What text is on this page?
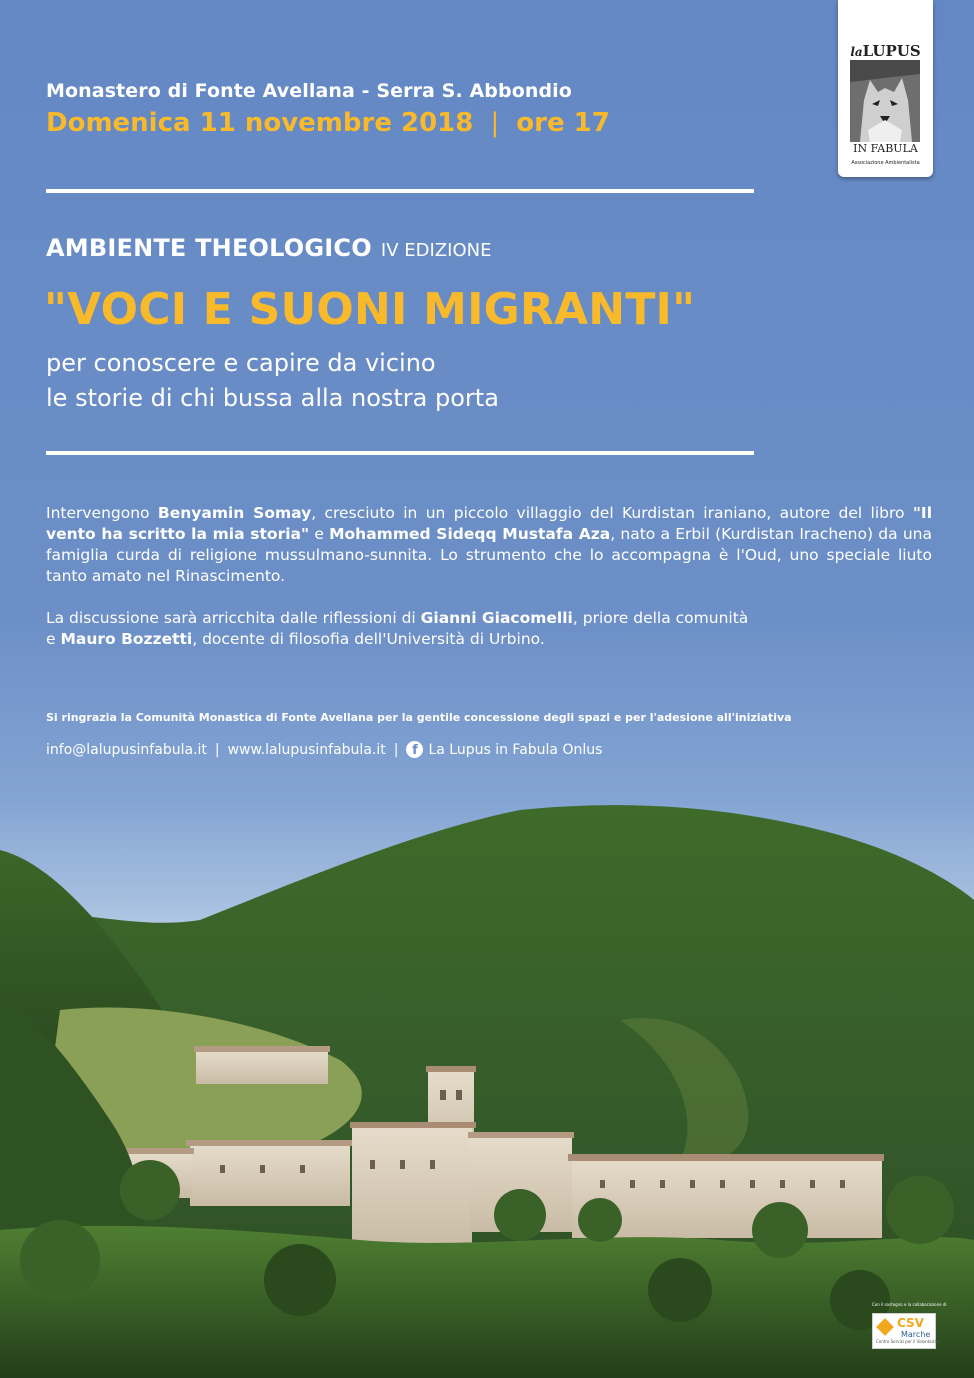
Monastero di Fonte Avellana - Serra S. Abbondio
Domenica 11 novembre 2018 | ore 17
AMBIENTE THEOLOGICO IV EDIZIONE
"VOCI E SUONI MIGRANTI"
per conoscere e capire da vicino
le storie di chi bussa alla nostra porta

Intervengono Benyamin Somay, cresciuto in un piccolo villaggio del Kurdistan iraniano, autore del libro "Il vento ha scritto la mia storia" e Mohammed Sideqq Mustafa Aza, nato a Erbil (Kurdistan Iracheno) da una famiglia curda di religione mussulmano-sunnita. Lo strumento che lo accompagna è l'Oud, uno speciale liuto tanto amato nel Rinascimento.

La discussione sarà arricchita dalle riflessioni di Gianni Giacomelli, priore della comunità
e Mauro Bozzetti, docente di filosofia dell'Università di Urbino.

Si ringrazia la Comunità Monastica di Fonte Avellana per la gentile concessione degli spazi e per l'adesione all'iniziativa
info@lalupusinfabula.it | www.lalupusinfabula.it |	f La Lupus in Fabula Onlus
laLUPUS
IN FABULA
Associazione Ambientalista
Con il sostegno e la collaborazione di
CSV
Marche
Centro Servizi per il Volontariato
